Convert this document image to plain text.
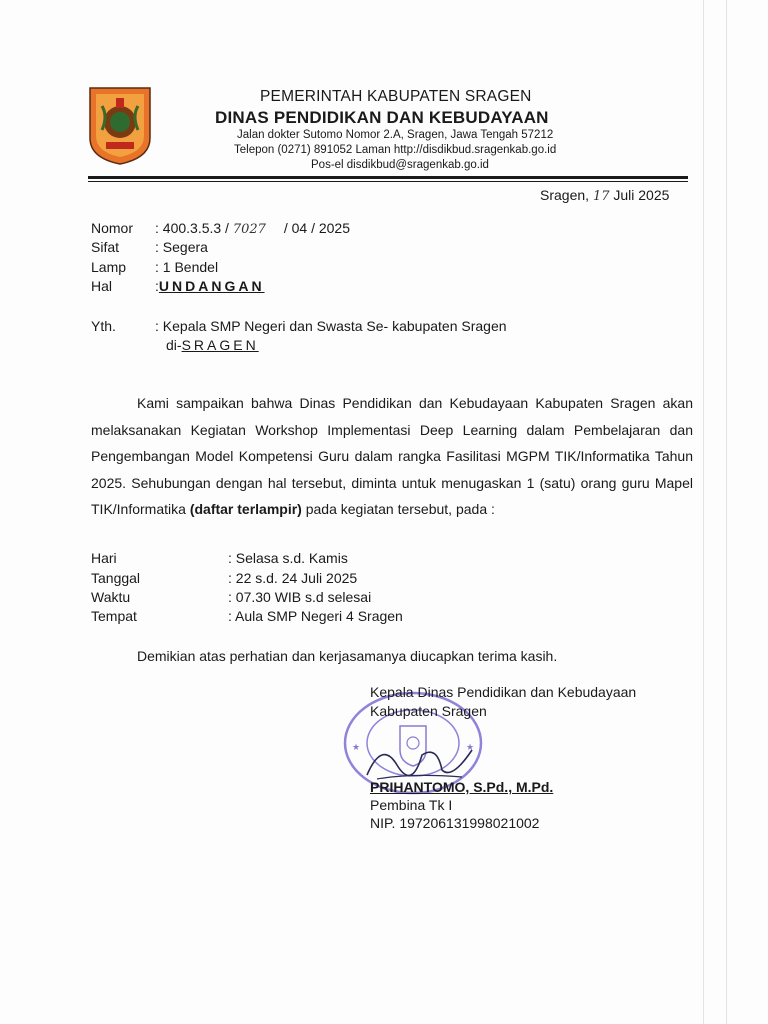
PEMERINTAH KABUPATEN SRAGEN
DINAS PENDIDIKAN DAN KEBUDAYAAN
Jalan dokter Sutomo Nomor 2.A, Sragen, Jawa Tengah 57212
Telepon (0271) 891052 Laman http://disdikbud.sragenkab.go.id
Pos-el disdikbud@sragenkab.go.id
Sragen, 17 Juli 2025
Nomor : 400.3.5.3 / 7027 / 04 / 2025
Sifat	: Segera
Lamp : 1 Bendel
Hal	:UNDANGAN
Yth.	: Kepala SMP Negeri dan Swasta Se- kabupaten Sragen
di-SRAGEN
Kami sampaikan bahwa Dinas Pendidikan dan Kebudayaan Kabupaten Sragen akan melaksanakan Kegiatan Workshop Implementasi Deep Learning dalam Pembelajaran dan Pengembangan Model Kompetensi Guru dalam rangka Fasilitasi MGPM TIK/Informatika Tahun 2025. Sehubungan dengan hal tersebut, diminta untuk menugaskan 1 (satu) orang guru Mapel TIK/Informatika (daftar terlampir) pada kegiatan tersebut, pada :
Hari	: Selasa s.d. Kamis
Tanggal	: 22 s.d. 24 Juli 2025
Waktu	: 07.30 WIB s.d selesai
Tempat	: Aula SMP Negeri 4 Sragen
Demikian atas perhatian dan kerjasamanya diucapkan terima kasih.
★	★
Kepala Dinas Pendidikan dan Kebudayaan
Kabupaten Sragen
PRIHANTOMO, S.Pd., M.Pd.
Pembina Tk I
NIP. 197206131998021002
